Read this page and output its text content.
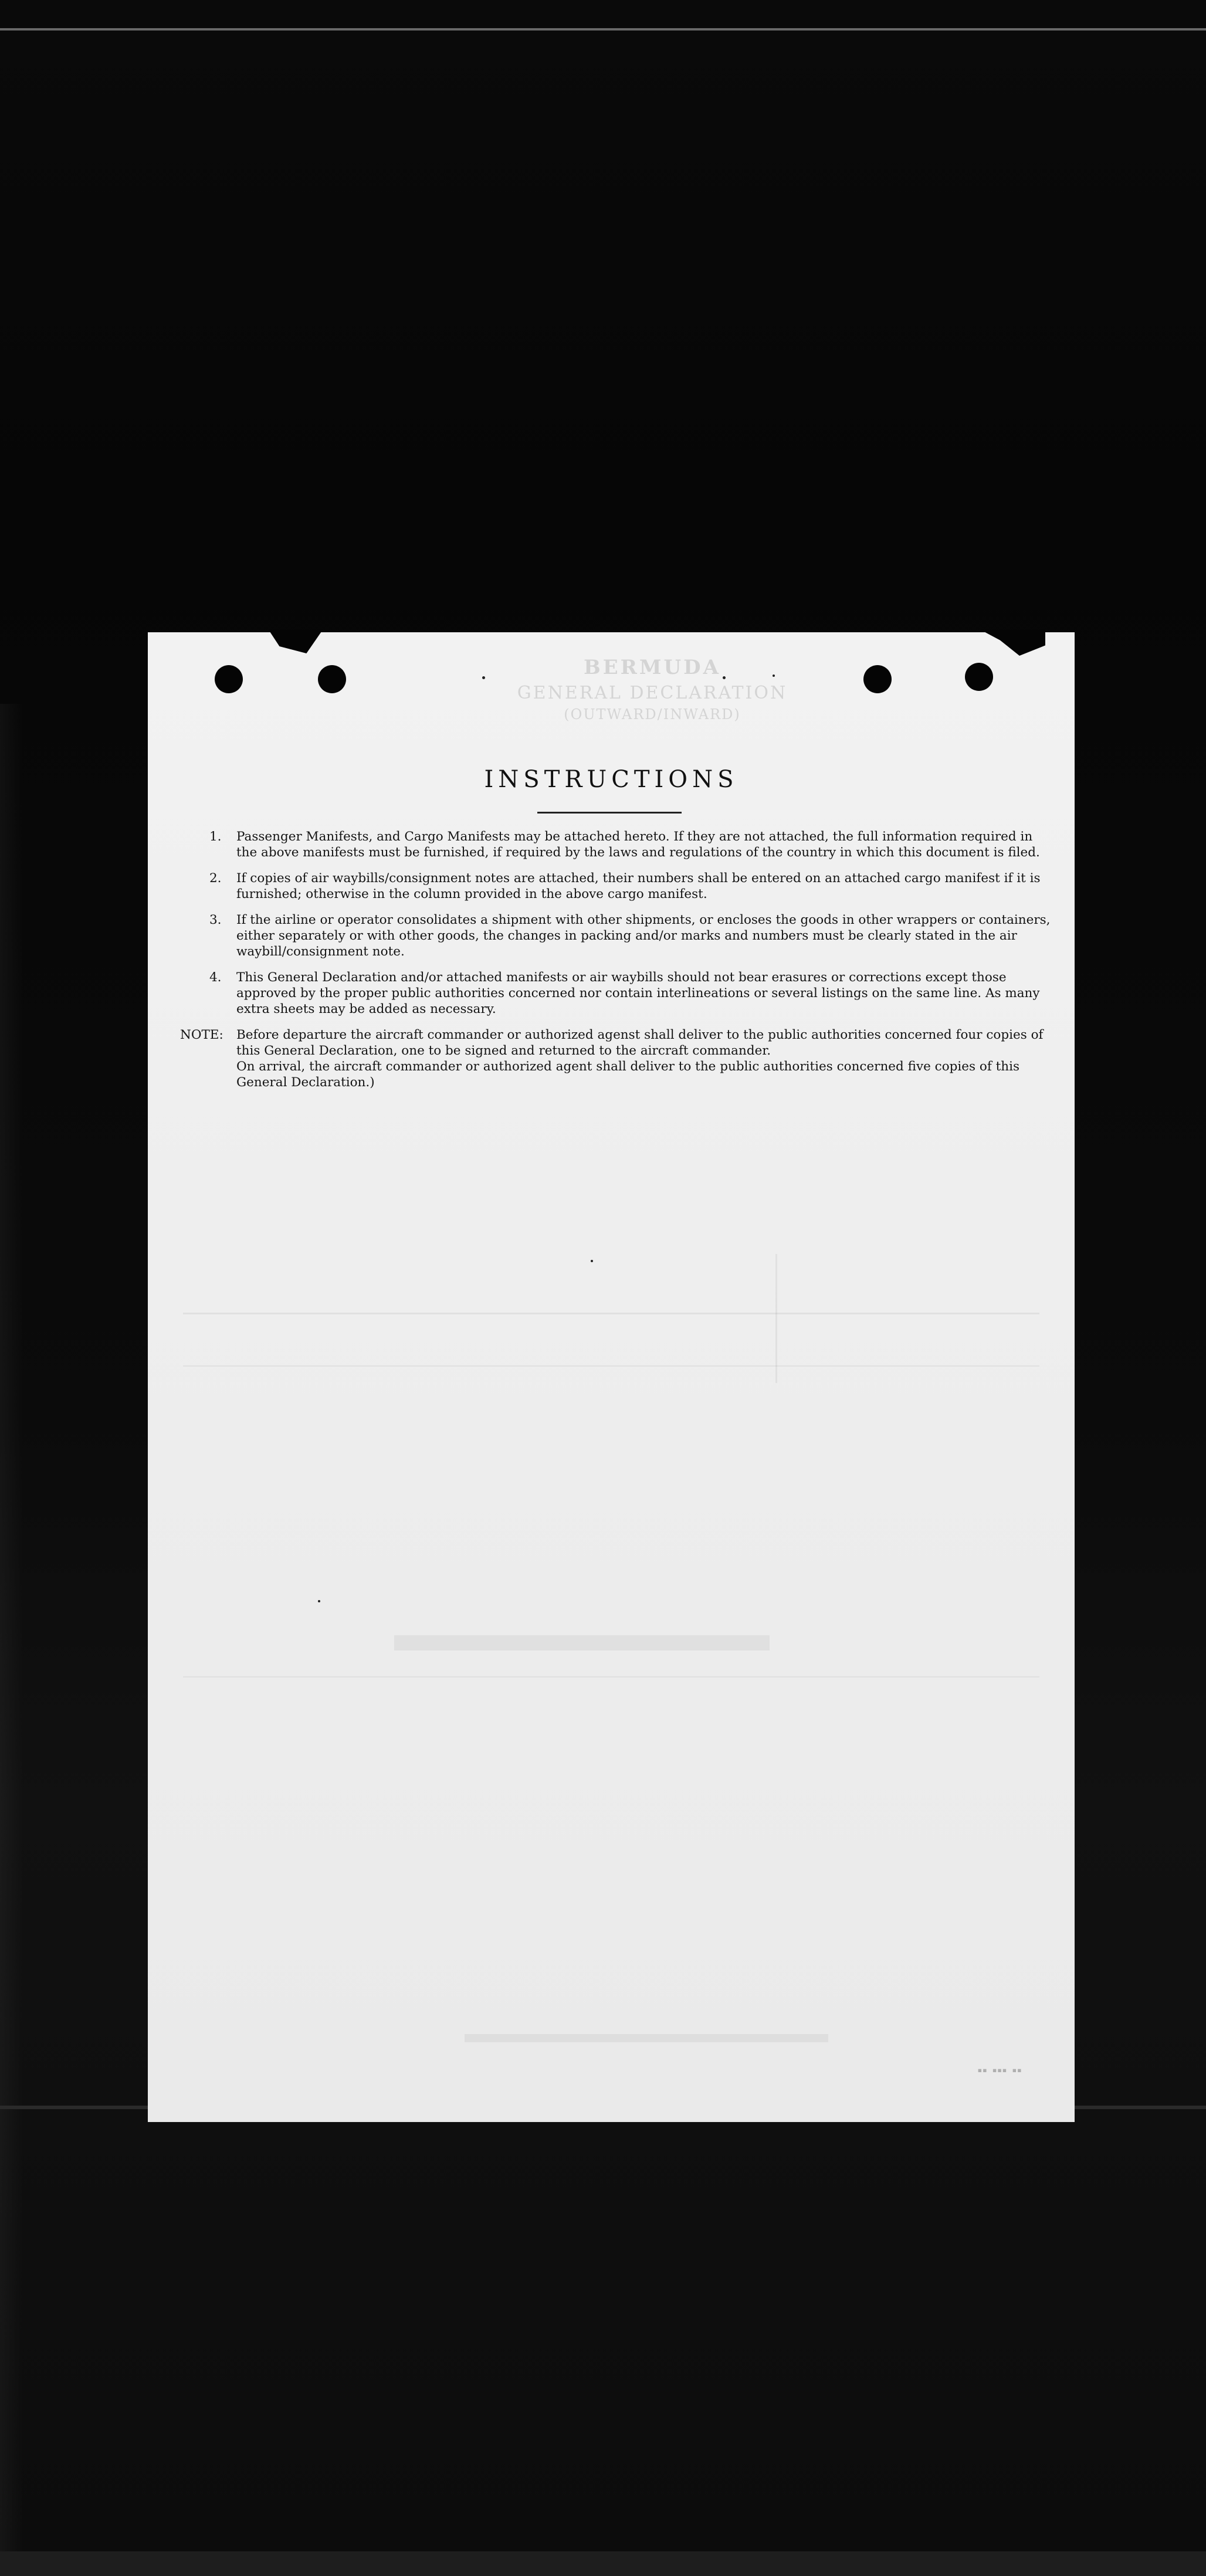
BERMUDA
GENERAL DECLARATION
(OUTWARD/INWARD)
INSTRUCTIONS
1. Passenger Manifests, and Cargo Manifests may be attached hereto. If they are not attached, the full information required in the above manifests must be furnished, if required by the laws and regulations of the country in which this document is filed.
2. If copies of air waybills/consignment notes are attached, their numbers shall be entered on an attached cargo manifest if it is furnished; otherwise in the column provided in the above cargo manifest.
3. If the airline or operator consolidates a shipment with other shipments, or encloses the goods in other wrappers or containers, either separately or with other goods, the changes in packing and/or marks and numbers must be clearly stated in the air waybill/consignment note.
4. This General Declaration and/or attached manifests or air waybills should not bear erasures or corrections except those approved by the proper public authorities concerned nor contain interlineations or several listings on the same line. As many extra sheets may be added as necessary.
NOTE: Before departure the aircraft commander or authorized agenst shall deliver to the public authorities concerned four copies of this General Declaration, one to be signed and returned to the aircraft commander.
On arrival, the aircraft commander or authorized agent shall deliver to the public authorities concerned five copies of this General Declaration.)
▪▪ ▪▪▪ ▪▪
